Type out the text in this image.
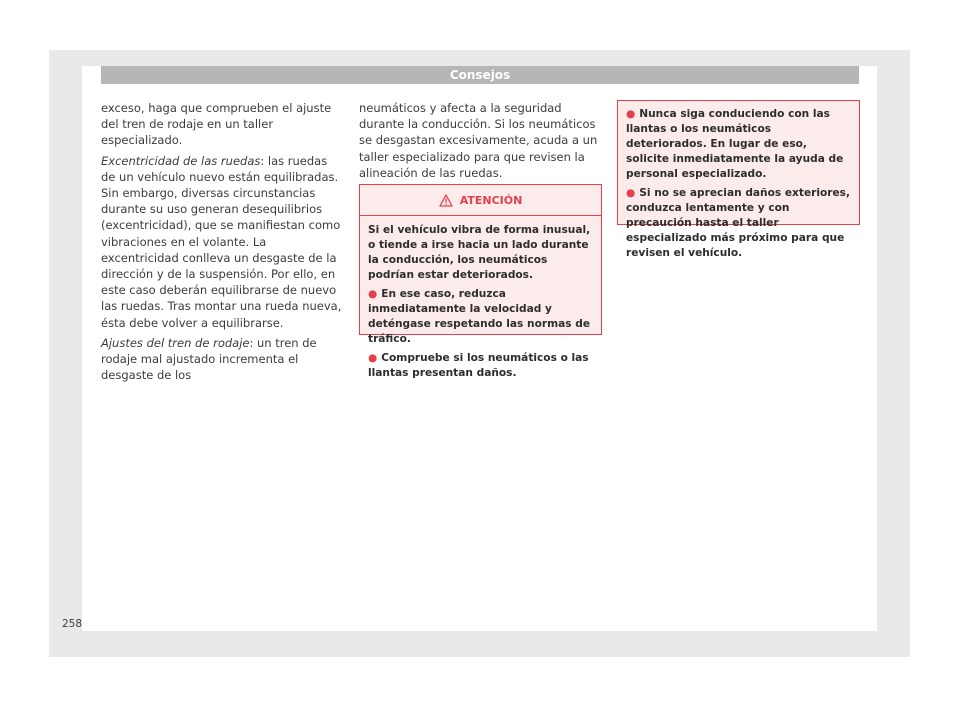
Consejos

exceso, haga que comprueben el ajuste del tren de rodaje en un taller especializado.

Excentricidad de las ruedas: las ruedas de un vehículo nuevo están equilibradas. Sin embargo, diversas circunstancias durante su uso generan desequilibrios (excentricidad), que se manifiestan como vibraciones en el volante. La excentricidad conlleva un desgaste de la dirección y de la suspensión. Por ello, en este caso deberán equilibrarse de nuevo las ruedas. Tras montar una rueda nueva, ésta debe volver a equilibrarse.

Ajustes del tren de rodaje: un tren de rodaje mal ajustado incrementa el desgaste de los

neumáticos y afecta a la seguridad durante la conducción. Si los neumáticos se desgastan excesivamente, acuda a un taller especializado para que revisen la alineación de las ruedas.

ATENCIÓN

Si el vehículo vibra de forma inusual, o tiende a irse hacia un lado durante la conducción, los neumáticos podrían estar deteriorados.

● En ese caso, reduzca inmediatamente la velocidad y deténgase respetando las normas de tráfico.

● Compruebe si los neumáticos o las llantas presentan daños.

● Nunca siga conduciendo con las llantas o los neumáticos deteriorados. En lugar de eso, solicite inmediatamente la ayuda de personal especializado.

● Si no se aprecian daños exteriores, conduzca lentamente y con precaución hasta el taller especializado más próximo para que revisen el vehículo.

258
